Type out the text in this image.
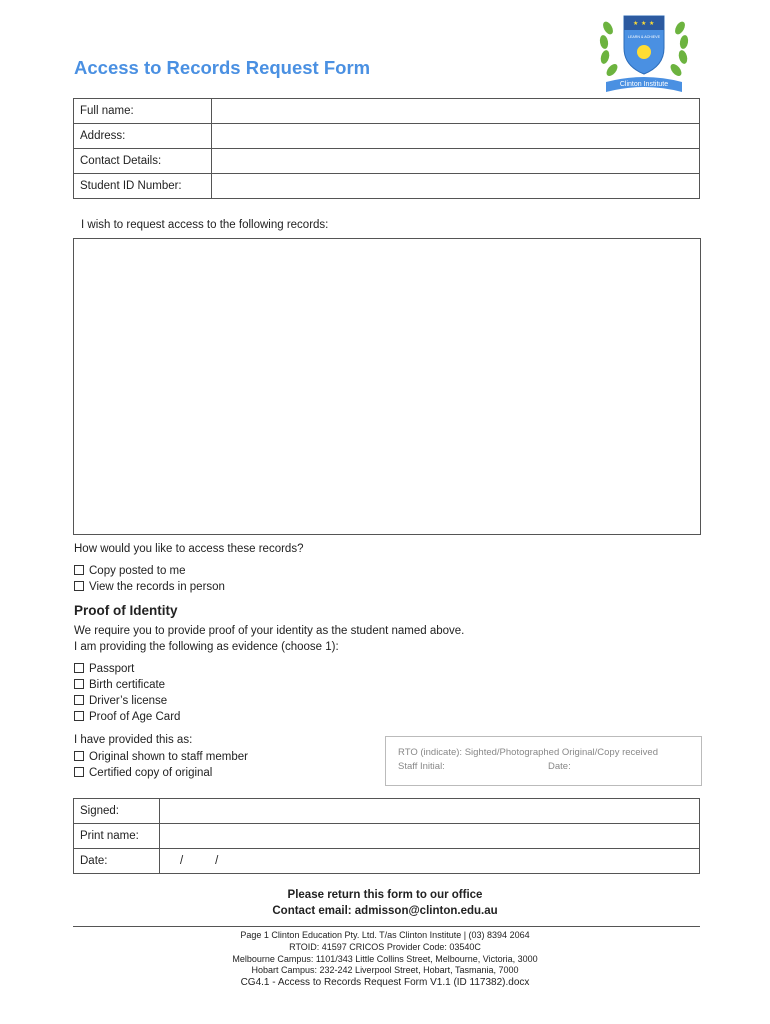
Access to Records Request Form
★ ★ ★
LEARN & ACHIEVE
Clinton Institute
Full name:	
Address:	
Contact Details:	
Student ID Number:	
I wish to request access to the following records:
How would you like to access these records?
Copy posted to me
View the records in person
Proof of Identity
We require you to provide proof of your identity as the student named above.
I am providing the following as evidence (choose 1):
Passport
Birth certificate
Driver’s license
Proof of Age Card
I have provided this as:
Original shown to staff member
Certified copy of original
RTO (indicate): Sighted/Photographed Original/Copy received
Staff Initial:	Date:
Signed:	
Print name:	
Date:	/          /
Please return this form to our office
Contact email: admisson@clinton.edu.au
Page 1 Clinton Education Pty. Ltd. T/as Clinton Institute | (03) 8394 2064
RTOID: 41597 CRICOS Provider Code: 03540C
Melbourne Campus: 1101/343 Little Collins Street, Melbourne, Victoria, 3000
Hobart Campus: 232-242 Liverpool Street, Hobart, Tasmania, 7000
CG4.1 - Access to Records Request Form V1.1 (ID 117382).docx
